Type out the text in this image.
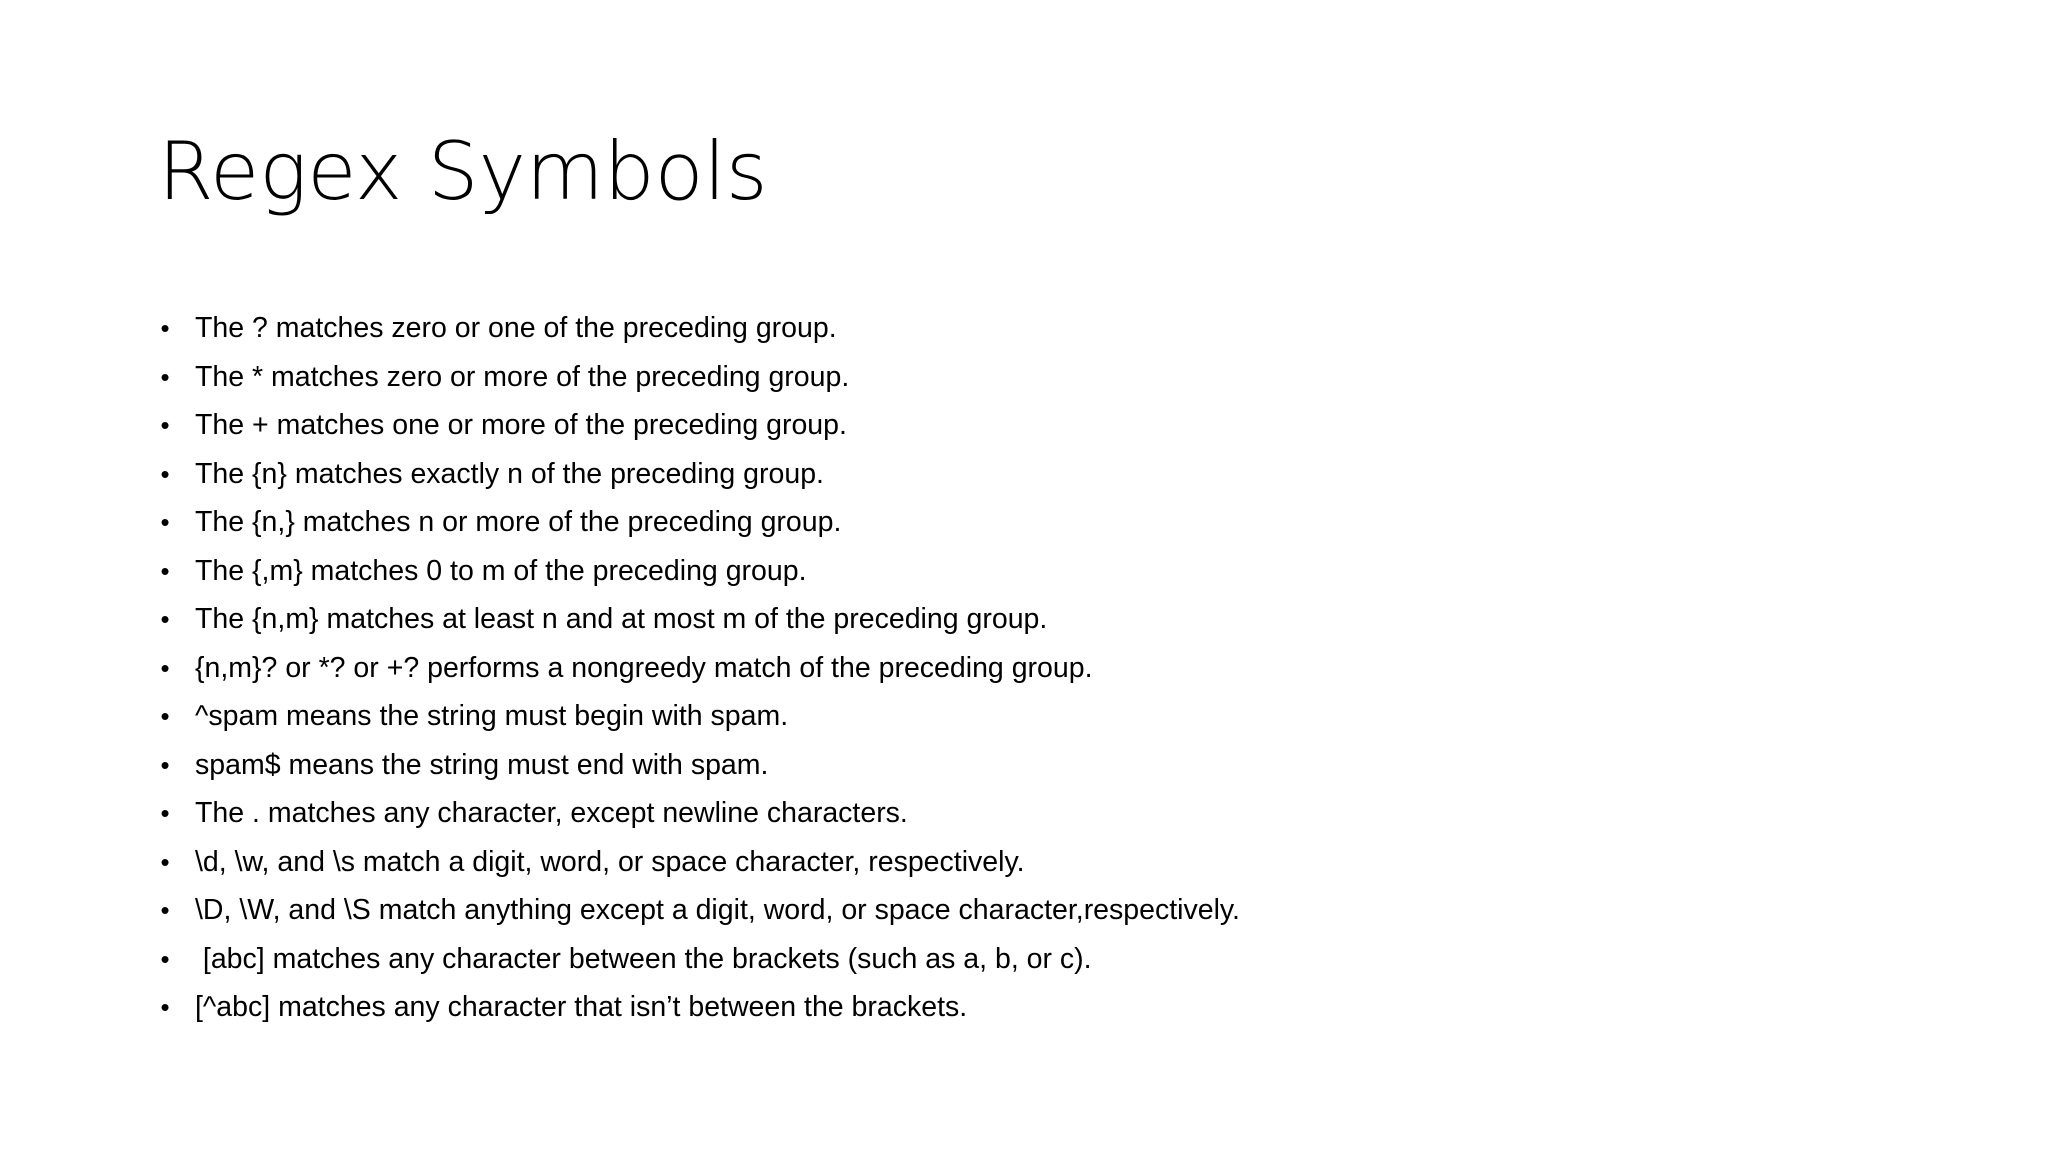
Regex Symbols
• The ? matches zero or one of the preceding group.
• The * matches zero or more of the preceding group.
• The + matches one or more of the preceding group.
• The {n} matches exactly n of the preceding group.
• The {n,} matches n or more of the preceding group.
• The {,m} matches 0 to m of the preceding group.
• The {n,m} matches at least n and at most m of the preceding group.
• {n,m}? or *? or +? performs a nongreedy match of the preceding group.
• ^spam means the string must begin with spam.
• spam$ means the string must end with spam.
• The . matches any character, except newline characters.
• \d, \w, and \s match a digit, word, or space character, respectively.
• \D, \W, and \S match anything except a digit, word, or space character,respectively.
• [abc] matches any character between the brackets (such as a, b, or c).
• [^abc] matches any character that isn’t between the brackets.
